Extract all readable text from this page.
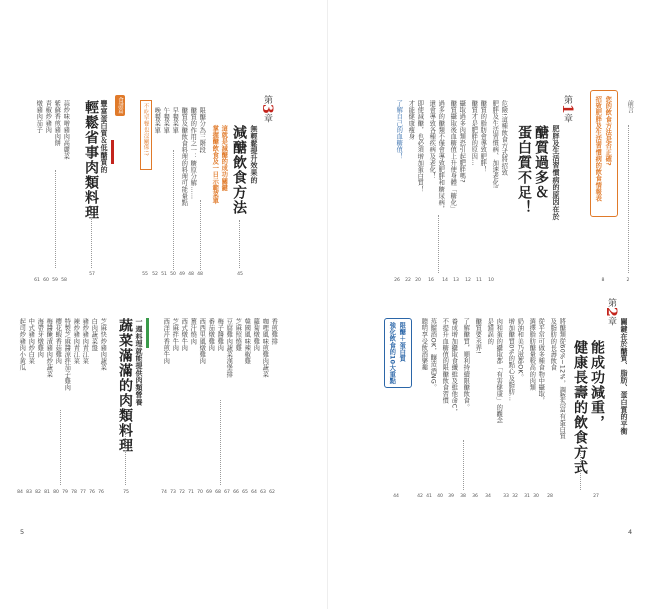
第3章
無輕鬆提升效果的
減醣飲食方法
45
這就是減醣的成功關鍵
掌握醣飲食及一日示範菜單
限醣分為三階段
醣質的作用之一：糖原分解……
醣質及醣飲食料理的料理可能量點
早餐菜單
午餐菜單
晚餐菜單
48
48
49
50
51
52
不吃早餐也沒關係!?
55
食譜篇
豐富蛋白質＆低醣質的
輕鬆省事肉類料理
57
蒜炒味噌豬肉高麗菜
紫蘇香煎豬肉餅
青椒炒豬肉
燉豬肉茄子
58
59
60
61
香煎雞排
咖哩風味煎雞肉蔬菜
蘿蔔燉雞肉
韓國風味辣椒雞
芝麻照燒雞
豆腐雞肉蔬菜漢堡排
梅子醬雞肉
番茄燉雞肉
西西里風燉雞肉
薑汁燒肉
西式燉牛肉
芝麻拌牛肉
西洋芹香煎牛肉
62
63
64
65
66
67
68
69
70
71
72
73
74
一週料理就能提供肉類營養
蔬菜滿滿的肉類料理
75
芝麻快炒豬肉蔬菜
白肉蔬菜盤
豬炒豬肉青江菜
辣炒豬肉青江菜
特製芝麻醬涼拌茄子雞肉
櫻花蝦香菇雞肉
梅醬醃漬豬肉炒蔬菜
海帶芽燉雞肉
中式豬肉炒白菜
起司炒豬肉小黃瓜
76
76
77
78
79
80
81
82
83
84
5
前言
2
您的飲食方法是否正確?
招致肥胖及生活習慣病的飲食情報表
8
第1章
肥胖及生活習慣病的原因在於
醣質過多＆
蛋白質不足！
危險!這種飲食方式將招致
肥胖及生活習慣病、加速老化!
醣質的脂肪會導致肥胖！
醣質才是肥胖的原因…
攝取過多肉類恐引起肥胖嗎?
醣質攝取後血糖值上升使身體「糖化」
過多的醣類不僅會導致肥胖和糖尿病，
還會導致各種疾病及老化！
即使減醣，也必須增加蛋白質！
才能健康瘦身
了解自己的血糖值！
10
11
12
13
14
16
20
22
26
關鍵在於醣質、脂肪、蛋白質的平衡
第2章
能成功減重，
健康長壽的飲食方式
27
將醣類從60%~12%，調整為富有蛋白質
及脂肪的長壽飲食
從平常可做多種食物中攝取，
選擇脂肪醣量較高的肉類
奶油和美乃滋都OK。
增加醣質0%的點心及脂肪…
肉和蛋的攝取都「有害健康」的觀念
是錯誤的
醣質要丞弄!
了解醣質，順利持續限醣飲食。
養成增加攝取食纖維及維他命C，
不提升血糖值的限醣飲食習慣
蒸餾酒OK，釀造酒NG。
聰明享受飲酒樂趣
28
30
31
32
33
34
36
38
39
40
41
42
限醣＋蛋白質
強化飲食的10大重點
44
4
